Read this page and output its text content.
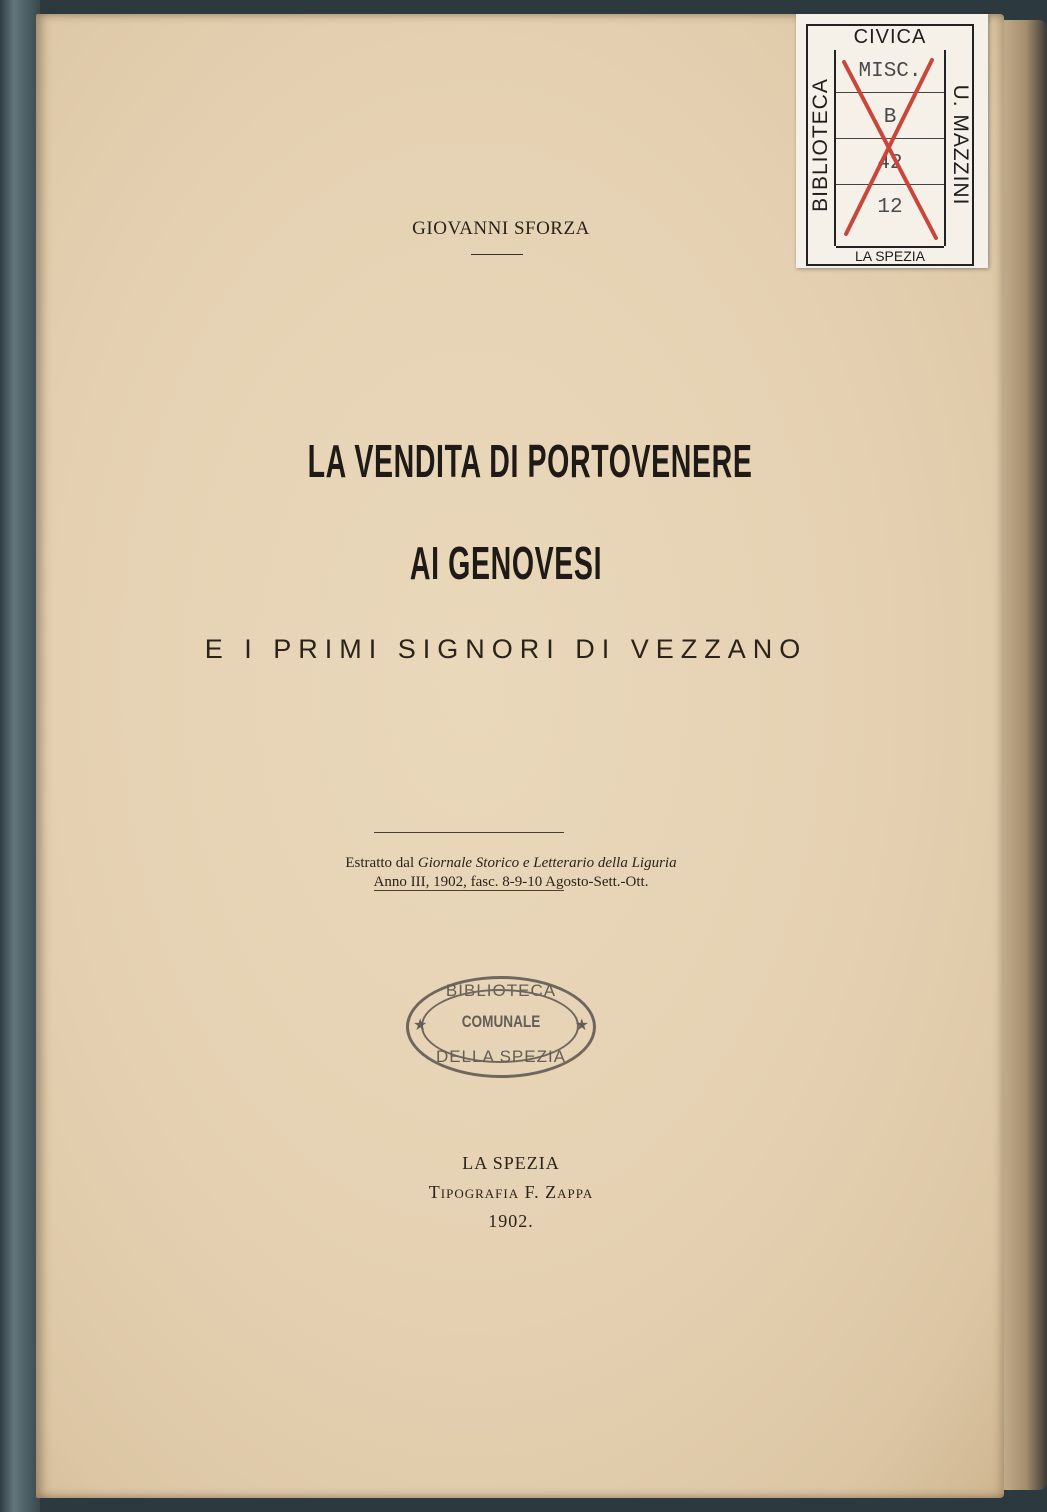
GIOVANNI SFORZA
LA VENDITA DI PORTOVENERE
AI GENOVESI
E I PRIMI SIGNORI DI VEZZANO
Estratto dal Giornale Storico e Letterario della Liguria
Anno III, 1902, fasc. 8-9-10 Agosto-Sett.-Ott.
BIBLIOTECA
COMUNALE
DELLA SPEZIA
★	★
LA SPEZIA
Tipografia F. Zappa
1902.
CIVICA
BIBLIOTECA	U. MAZZINI
MISC.
B
42
12
LA SPEZIA
